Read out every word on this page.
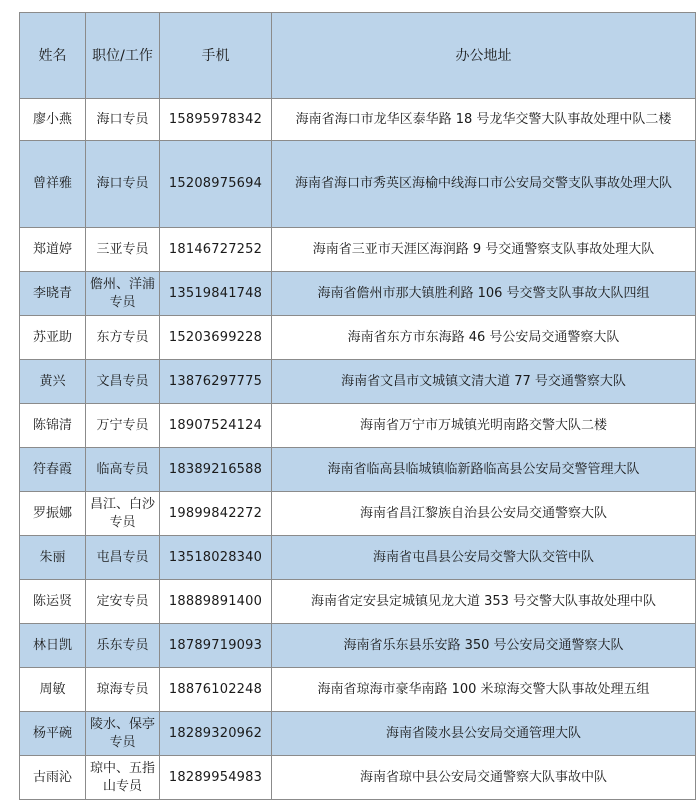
姓名	职位/工作	手机	办公地址
廖小燕	海口专员	15895978342	海南省海口市龙华区泰华路 18 号龙华交警大队事故处理中队二楼
曾祥雅	海口专员	15208975694	海南省海口市秀英区海榆中线海口市公安局交警支队事故处理大队
郑道婷	三亚专员	18146727252	海南省三亚市天涯区海润路 9 号交通警察支队事故处理大队
李晓青	儋州、洋浦专员	13519841748	海南省儋州市那大镇胜利路 106 号交警支队事故大队四组
苏亚助	东方专员	15203699228	海南省东方市东海路 46 号公安局交通警察大队
黄兴	文昌专员	13876297775	海南省文昌市文城镇文清大道 77 号交通警察大队
陈锦清	万宁专员	18907524124	海南省万宁市万城镇光明南路交警大队二楼
符春霞	临高专员	18389216588	海南省临高县临城镇临新路临高县公安局交警管理大队
罗振娜	昌江、白沙专员	19899842272	海南省昌江黎族自治县公安局交通警察大队
朱丽	屯昌专员	13518028340	海南省屯昌县公安局交警大队交管中队
陈运贤	定安专员	18889891400	海南省定安县定城镇见龙大道 353 号交警大队事故处理中队
林日凯	乐东专员	18789719093	海南省乐东县乐安路 350 号公安局交通警察大队
周敏	琼海专员	18876102248	海南省琼海市豪华南路 100 米琼海交警大队事故处理五组
杨平碗	陵水、保亭专员	18289320962	海南省陵水县公安局交通管理大队
古雨沁	琼中、五指山专员	18289954983	海南省琼中县公安局交通警察大队事故中队
